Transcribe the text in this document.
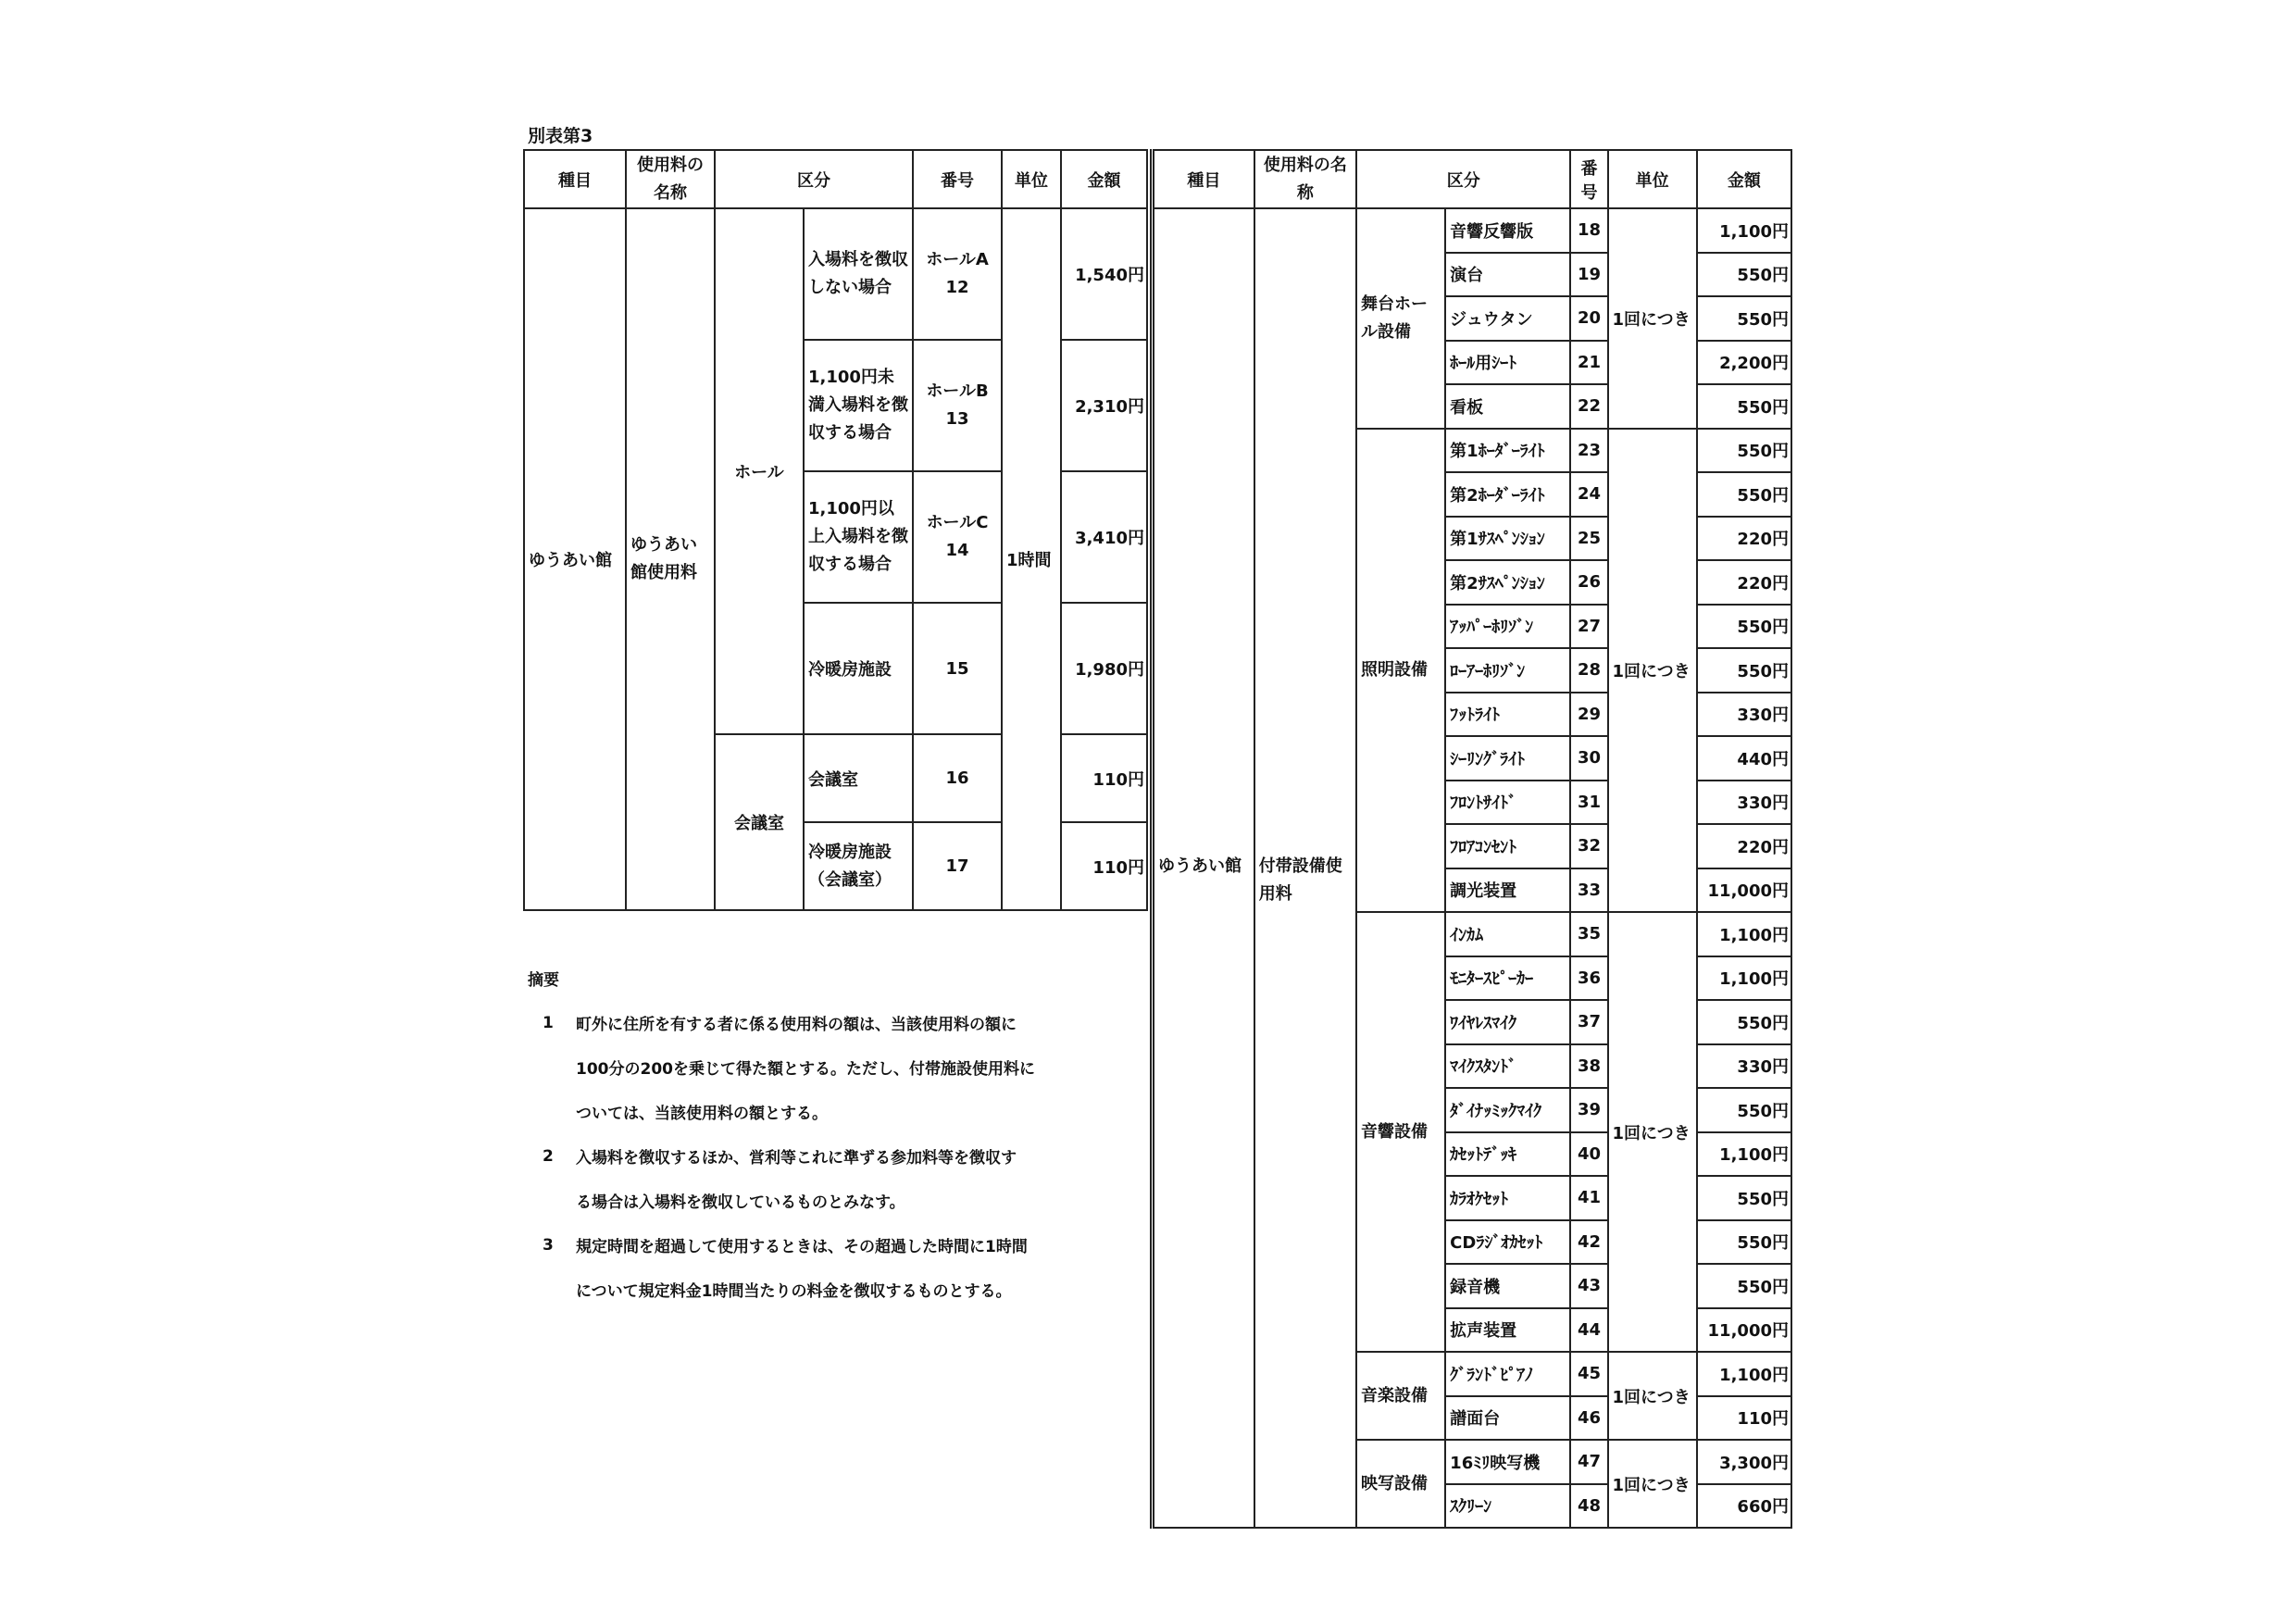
別表第3
種目	使用料の名称	区分		番号	単位	金額
ゆうあい館	ゆうあい館使用料	ホール	入場料を徴収しない場合	ホールA 12	1時間	1,540円
			1,100円未満入場料を徴収する場合	ホールB 13		2,310円
			1,100円以上入場料を徴収する場合	ホールC 14		3,410円
			冷暖房施設	15		1,980円
		会議室	会議室	16		110円
			冷暖房施設（会議室）	17		110円
種目	使用料の名称	区分		番号	単位	金額
ゆうあい館	付帯設備使用料	舞台ホール設備	音響反響版	18	1回につき	1,100円
			演台	19		550円
			ジュウタン	20		550円
			ﾎｰﾙ用ｼｰﾄ	21		2,200円
			看板	22		550円
		照明設備	第1ﾎｰﾀﾞｰﾗｲﾄ	23	1回につき	550円
			第2ﾎｰﾀﾞｰﾗｲﾄ	24		550円
			第1ｻｽﾍﾟﾝｼｮﾝ	25		220円
			第2ｻｽﾍﾟﾝｼｮﾝ	26		220円
			ｱｯﾊﾟｰﾎﾘｿﾞﾝ	27		550円
			ﾛｰｱｰﾎﾘｿﾞﾝ	28		550円
			ﾌｯﾄﾗｲﾄ	29		330円
			ｼｰﾘﾝｸﾞﾗｲﾄ	30		440円
			ﾌﾛﾝﾄｻｲﾄﾞ	31		330円
			ﾌﾛｱｺﾝｾﾝﾄ	32		220円
			調光装置	33		11,000円
		音響設備	ｲﾝｶﾑ	35	1回につき	1,100円
			ﾓﾆﾀｰｽﾋﾟｰｶｰ	36		1,100円
			ﾜｲﾔﾚｽﾏｲｸ	37		550円
			ﾏｲｸｽﾀﾝﾄﾞ	38		330円
			ﾀﾞｲﾅｯﾐｯｸﾏｲｸ	39		550円
			ｶｾｯﾄﾃﾞｯｷ	40		1,100円
			ｶﾗｵｹｾｯﾄ	41		550円
			CDﾗｼﾞｵｶｾｯﾄ	42		550円
			録音機	43		550円
			拡声装置	44		11,000円
		音楽設備	ｸﾞﾗﾝﾄﾞﾋﾟｱﾉ	45	1回につき	1,100円
			譜面台	46		110円
		映写設備	16ﾐﾘ映写機	47	1回につき	3,300円
			ｽｸﾘｰﾝ	48		660円
摘要
1	町外に住所を有する者に係る使用料の額は、当該使用料の額に
100分の200を乗じて得た額とする。ただし、付帯施設使用料に
ついては、当該使用料の額とする。
2	入場料を徴収するほか、営利等これに準ずる参加料等を徴収す
る場合は入場料を徴収しているものとみなす。
3	規定時間を超過して使用するときは、その超過した時間に1時間
について規定料金1時間当たりの料金を徴収するものとする。
